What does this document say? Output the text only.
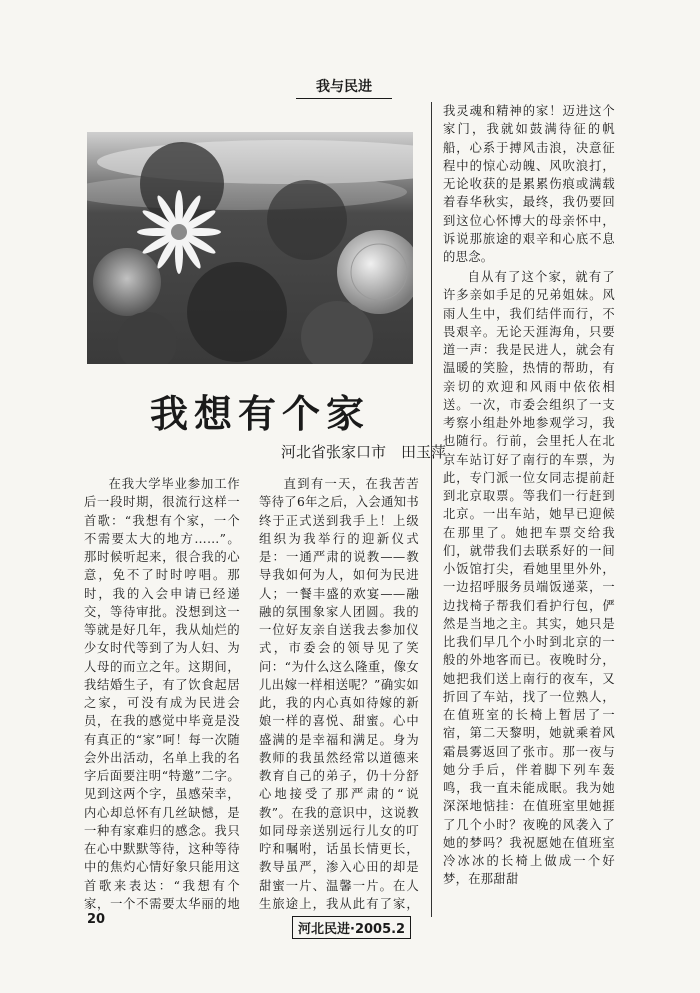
我与民进
我想有个家
河北省张家口市　田玉萍
在我大学毕业参加工作后一段时期，很流行这样一首歌：“我想有个家，一个不需要太大的地方……”。那时候听起来，很合我的心意，免不了时时哼唱。那时，我的入会申请已经递交，等待审批。没想到这一等就是好几年，我从灿烂的少女时代等到了为人妇、为人母的而立之年。这期间，我结婚生子，有了饮食起居之家，可没有成为民进会员，在我的感觉中毕竟是没有真正的“家”呵！每一次随会外出活动，名单上我的名字后面要注明“特邀”二字。见到这两个字，虽感荣幸，内心却总怀有几丝缺憾，是一种有家难归的感念。我只在心中默默等待，这种等待中的焦灼心情好象只能用这首歌来表达：“我想有个家，一个不需要太华丽的地
直到有一天，在我苦苦等待了6年之后，入会通知书终于正式送到我手上！上级组织为我举行的迎新仪式是：一通严肃的说教——教导我如何为人，如何为民进人；一餐丰盛的欢宴——融融的氛围象家人团圆。我的一位好友亲自送我去参加仪式，市委会的领导见了笑问：“为什么这么隆重，像女儿出嫁一样相送呢？”确实如此，我的内心真如待嫁的新娘一样的喜悦、甜蜜。心中盛满的是幸福和满足。身为教师的我虽然经常以道德来教育自己的弟子，仍十分舒心地接受了那严肃的“说教”。在我的意识中，这说教如同母亲送别远行儿女的叮咛和嘱咐，话虽长情更长，教导虽严，渗入心田的却是甜蜜一片、温馨一片。在人生旅途上，我从此有了家，
我灵魂和精神的家！迈进这个家门，我就如鼓满待征的帆船，心系于搏风击浪，决意征程中的惊心动魄、风吹浪打，无论收获的是累累伤痕或满载着春华秋实，最终，我仍要回到这位心怀博大的母亲怀中，诉说那旅途的艰辛和心底不息的思念。
自从有了这个家，就有了许多亲如手足的兄弟姐妹。风雨人生中，我们结伴而行，不畏艰辛。无论天涯海角，只要道一声：我是民进人，就会有温暖的笑脸，热情的帮助，有亲切的欢迎和风雨中依依相送。一次，市委会组织了一支考察小组赴外地参观学习，我也随行。行前，会里托人在北京车站订好了南行的车票，为此，专门派一位女同志提前赶到北京取票。等我们一行赶到北京。一出车站，她早已迎候在那里了。她把车票交给我们，就带我们去联系好的一间小饭馆打尖，看她里里外外，一边招呼服务员端饭递菜，一边找椅子帮我们看护行包，俨然是当地之主。其实，她只是比我们早几个小时到北京的一般的外地客而已。夜晚时分，她把我们送上南行的夜车，又折回了车站，找了一位熟人，在值班室的长椅上暂居了一宿，第二天黎明，她就乘着风霜晨雾返回了张市。那一夜与她分手后，伴着脚下列车轰鸣，我一直未能成眠。我为她深深地惦挂：在值班室里她捱了几个小时？夜晚的风袭入了她的梦吗？我祝愿她在值班室冷冰冰的长椅上做成一个好梦，在那甜甜
20
河北民进·2005.2
